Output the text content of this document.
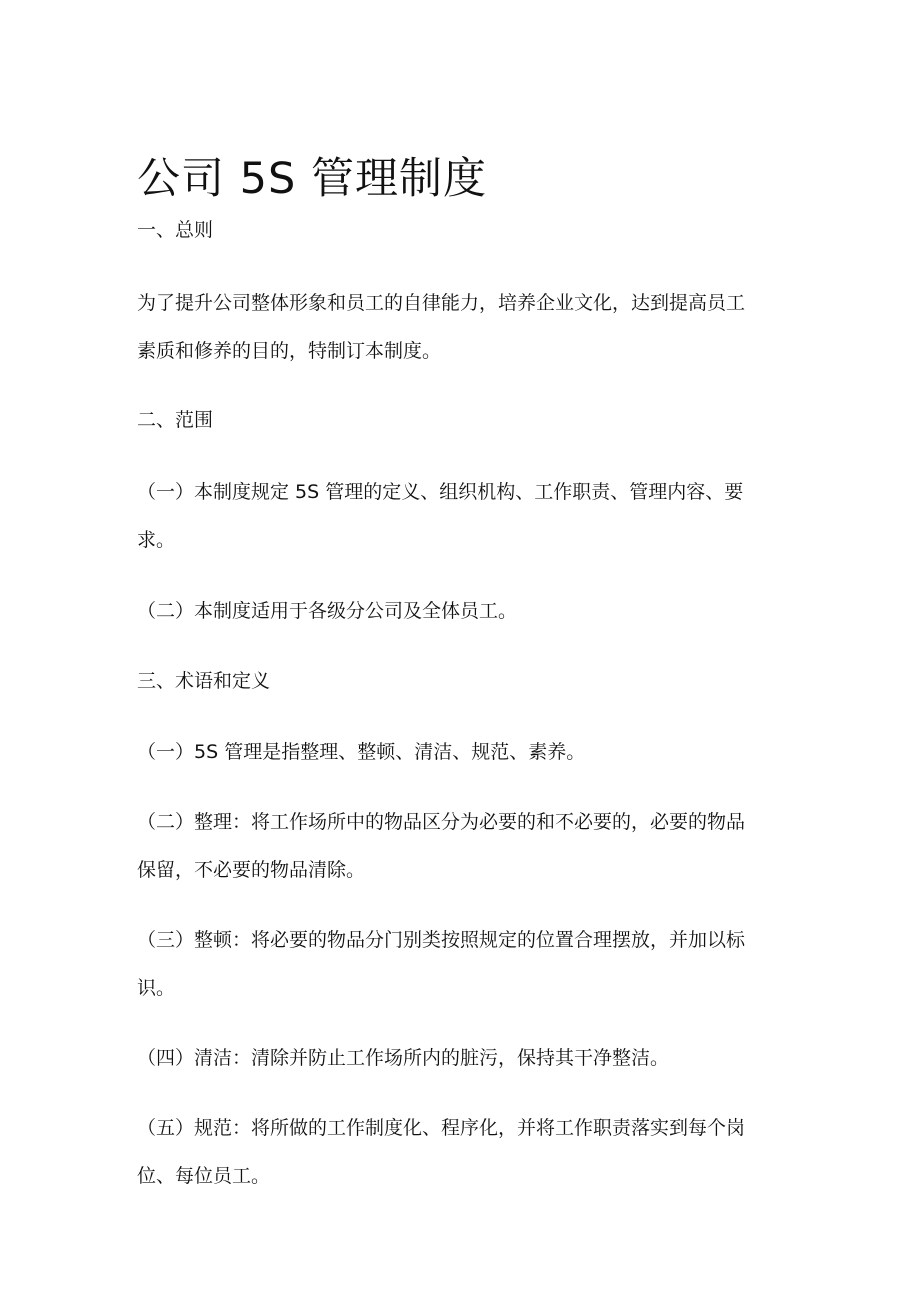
公司 5S 管理制度
一、总则
为了提升公司整体形象和员工的自律能力，培养企业文化，达到提高员工
素质和修养的目的，特制订本制度。
二、范围
（一）本制度规定 5S 管理的定义、组织机构、工作职责、管理内容、要
求。
（二）本制度适用于各级分公司及全体员工。
三、术语和定义
（一）5S 管理是指整理、整顿、清洁、规范、素养。
（二）整理：将工作场所中的物品区分为必要的和不必要的，必要的物品
保留，不必要的物品清除。
（三）整顿：将必要的物品分门别类按照规定的位置合理摆放，并加以标
识。
（四）清洁：清除并防止工作场所内的脏污，保持其干净整洁。
（五）规范：将所做的工作制度化、程序化，并将工作职责落实到每个岗
位、每位员工。
